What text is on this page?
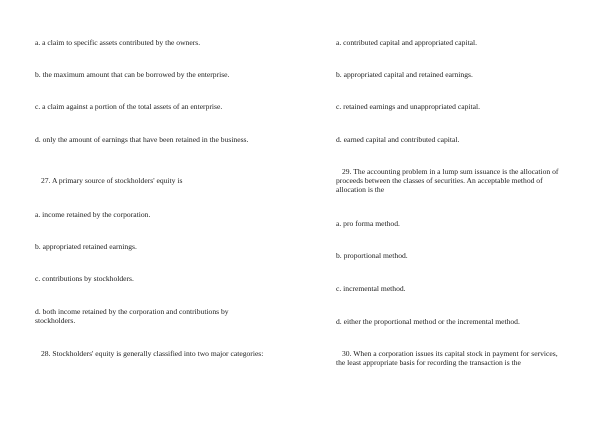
a. a claim to specific assets contributed by the owners.

b. the maximum amount that can be borrowed by the enterprise.

c. a claim against a portion of the total assets of an enterprise.

d. only the amount of earnings that have been retained in the business.

27. A primary source of stockholders' equity is

a. income retained by the corporation.

b. appropriated retained earnings.

c. contributions by stockholders.

d. both income retained by the corporation and contributions by stockholders.

28. Stockholders' equity is generally classified into two major categories:

a. contributed capital and appropriated capital.

b. appropriated capital and retained earnings.

c. retained earnings and unappropriated capital.

d. earned capital and contributed capital.

29. The accounting problem in a lump sum issuance is the allocation of proceeds between the classes of securities. An acceptable method of allocation is the

a. pro forma method.

b. proportional method.

c. incremental method.

d. either the proportional method or the incremental method.

30. When a corporation issues its capital stock in payment for services, the least appropriate basis for recording the transaction is the
